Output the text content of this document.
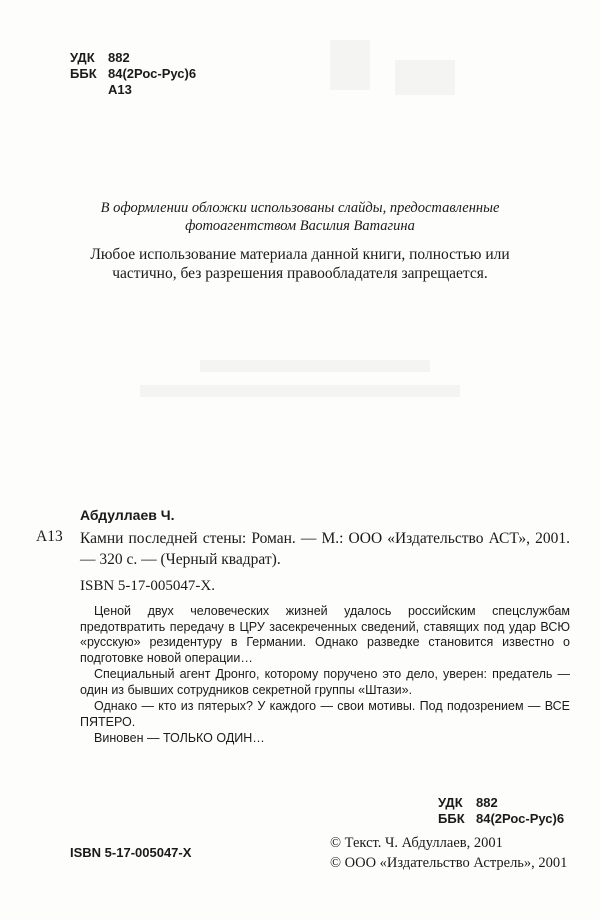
УДК	882
ББК 84(2Рос-Рус)6
А13
В оформлении обложки использованы слайды, предоставленные фотоагентством Василия Ватагина
Любое использование материала данной книги, полностью или частично, без разрешения правообладателя запрещается.
Абдуллаев Ч.
А13 Камни последней стены: Роман. — М.: ООО «Издательство АСТ», 2001. — 320 с. — (Черный квадрат).
ISBN 5-17-005047-Х.

Ценой двух человеческих жизней удалось российским спецслужбам предотвратить передачу в ЦРУ засекреченных сведений, ставящих под удар ВСЮ «русскую» резидентуру в Германии. Однако разведке становится известно о подготовке новой операции…

Специальный агент Дронго, которому поручено это дело, уверен: предатель — один из бывших сотрудников секретной группы «Штази».

Однако — кто из пятерых? У каждого — свои мотивы. Под подозрением — ВСЕ ПЯТЕРО.

Виновен — ТОЛЬКО ОДИН…

УДК	882
ББК 84(2Рос-Рус)6
ISBN 5-17-005047-Х
© Текст. Ч. Абдуллаев, 2001
© ООО «Издательство Астрель», 2001
